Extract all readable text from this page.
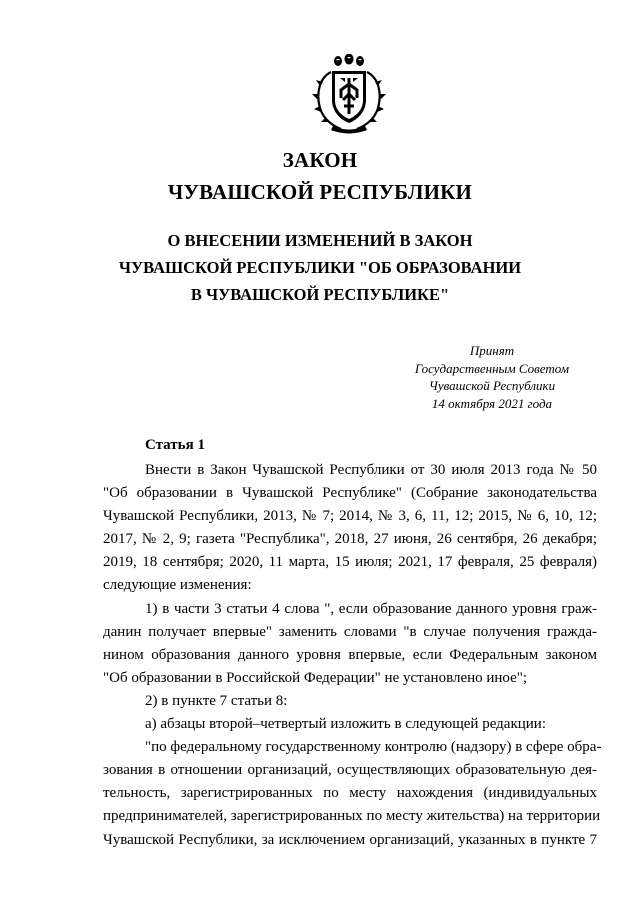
ЗАКОН
ЧУВАШСКОЙ РЕСПУБЛИКИ
О ВНЕСЕНИИ ИЗМЕНЕНИЙ В ЗАКОН
ЧУВАШСКОЙ РЕСПУБЛИКИ "ОБ ОБРАЗОВАНИИ
В ЧУВАШСКОЙ РЕСПУБЛИКЕ"
Принят
Государственным Советом
Чувашской Республики
14 октября 2021 года
Статья 1
Внести в Закон Чувашской Республики от 30 июля 2013 года № 50
"Об образовании в Чувашской Республике" (Собрание законодательства
Чувашской Республики, 2013, № 7; 2014, № 3, 6, 11, 12; 2015, № 6, 10, 12;
2017, № 2, 9; газета "Республика", 2018, 27 июня, 26 сентября, 26 декабря;
2019, 18 сентября; 2020, 11 марта, 15 июля; 2021, 17 февраля, 25 февраля)
следующие изменения:
1) в части 3 статьи 4 слова ", если образование данного уровня граж-
данин получает впервые" заменить словами "в случае получения гражда-
нином образования данного уровня впервые, если Федеральным законом
"Об образовании в Российской Федерации" не установлено иное";
2) в пункте 7 статьи 8:
а) абзацы второй–четвертый изложить в следующей редакции:
"по федеральному государственному контролю (надзору) в сфере обра-
зования в отношении организаций, осуществляющих образовательную дея-
тельность, зарегистрированных по месту нахождения (индивидуальных
предпринимателей, зарегистрированных по месту жительства) на территории
Чувашской Республики, за исключением организаций, указанных в пункте 7
